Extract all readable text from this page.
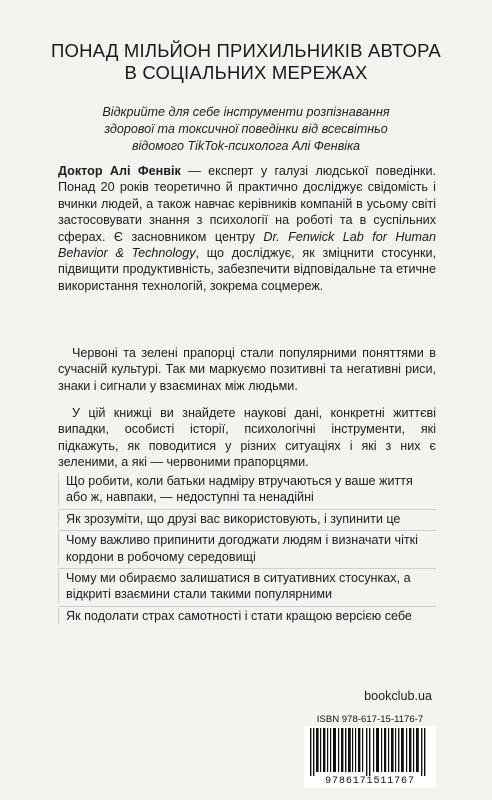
ПОНАД МІЛЬЙОН ПРИХИЛЬНИКІВ АВТОРА
В СОЦІАЛЬНИХ МЕРЕЖАХ
Відкрийте для себе інструменти розпізнавання
здорової та токсичної поведінки від всесвітньо
відомого TikTok-психолога Алі Фенвіка
Доктор Алі Фенвік — експерт у галузі людської поведінки. Понад 20 років теоретично й практично досліджує свідомість і вчинки людей, а також навчає керівників компаній в усьому світі застосовувати знання з психології на роботі та в суспільних сферах. Є засновником центру Dr. Fenwick Lab for Human Behavior & Technology, що досліджує, як зміцнити стосунки, підвищити продуктивність, забезпечити відповідальне та етичне використання технологій, зокрема соцмереж.
Червоні та зелені прапорці стали популярними поняттями в сучасній культурі. Так ми маркуємо позитивні та негативні риси, знаки і сигнали у взаєминах між людьми.
У цій книжці ви знайдете наукові дані, конкретні життєві випадки, особисті історії, психологічні інструменти, які підкажуть, як поводитися у різних ситуаціях і які з них є зеленими, а які — червоними прапорцями.
Що робити, коли батьки надміру втручаються у ваше життя або ж, навпаки, — недоступні та ненадійні
Як зрозуміти, що друзі вас використовують, і зупинити це
Чому важливо припинити догоджати людям і визначати чіткі кордони в робочому середовищі
Чому ми обираємо залишатися в ситуативних стосунках, а відкриті взаємини стали такими популярними
Як подолати страх самотності і стати кращою версією себе
bookclub.ua
ISBN 978-617-15-1176-7
9786171511767
